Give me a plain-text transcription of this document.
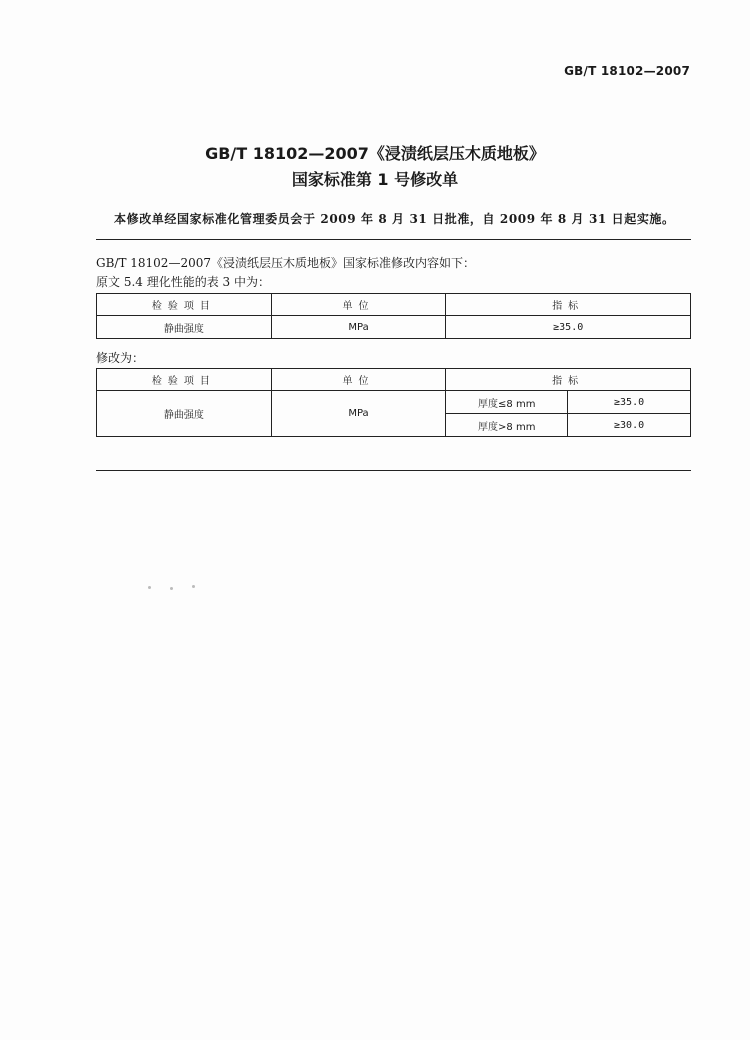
GB/T 18102—2007
GB/T 18102—2007《浸渍纸层压木质地板》
国家标准第 1 号修改单
本修改单经国家标准化管理委员会于 2009 年 8 月 31 日批准，自 2009 年 8 月 31 日起实施。
GB/T 18102—2007《浸渍纸层压木质地板》国家标准修改内容如下：
原文 5.4 理化性能的表 3 中为：
检验项目	单位	指标
静曲强度	MPa	≥35.0
修改为：
检验项目	单位	指标	
静曲强度	MPa	厚度≤8 mm	≥35.0
		厚度>8 mm	≥30.0
